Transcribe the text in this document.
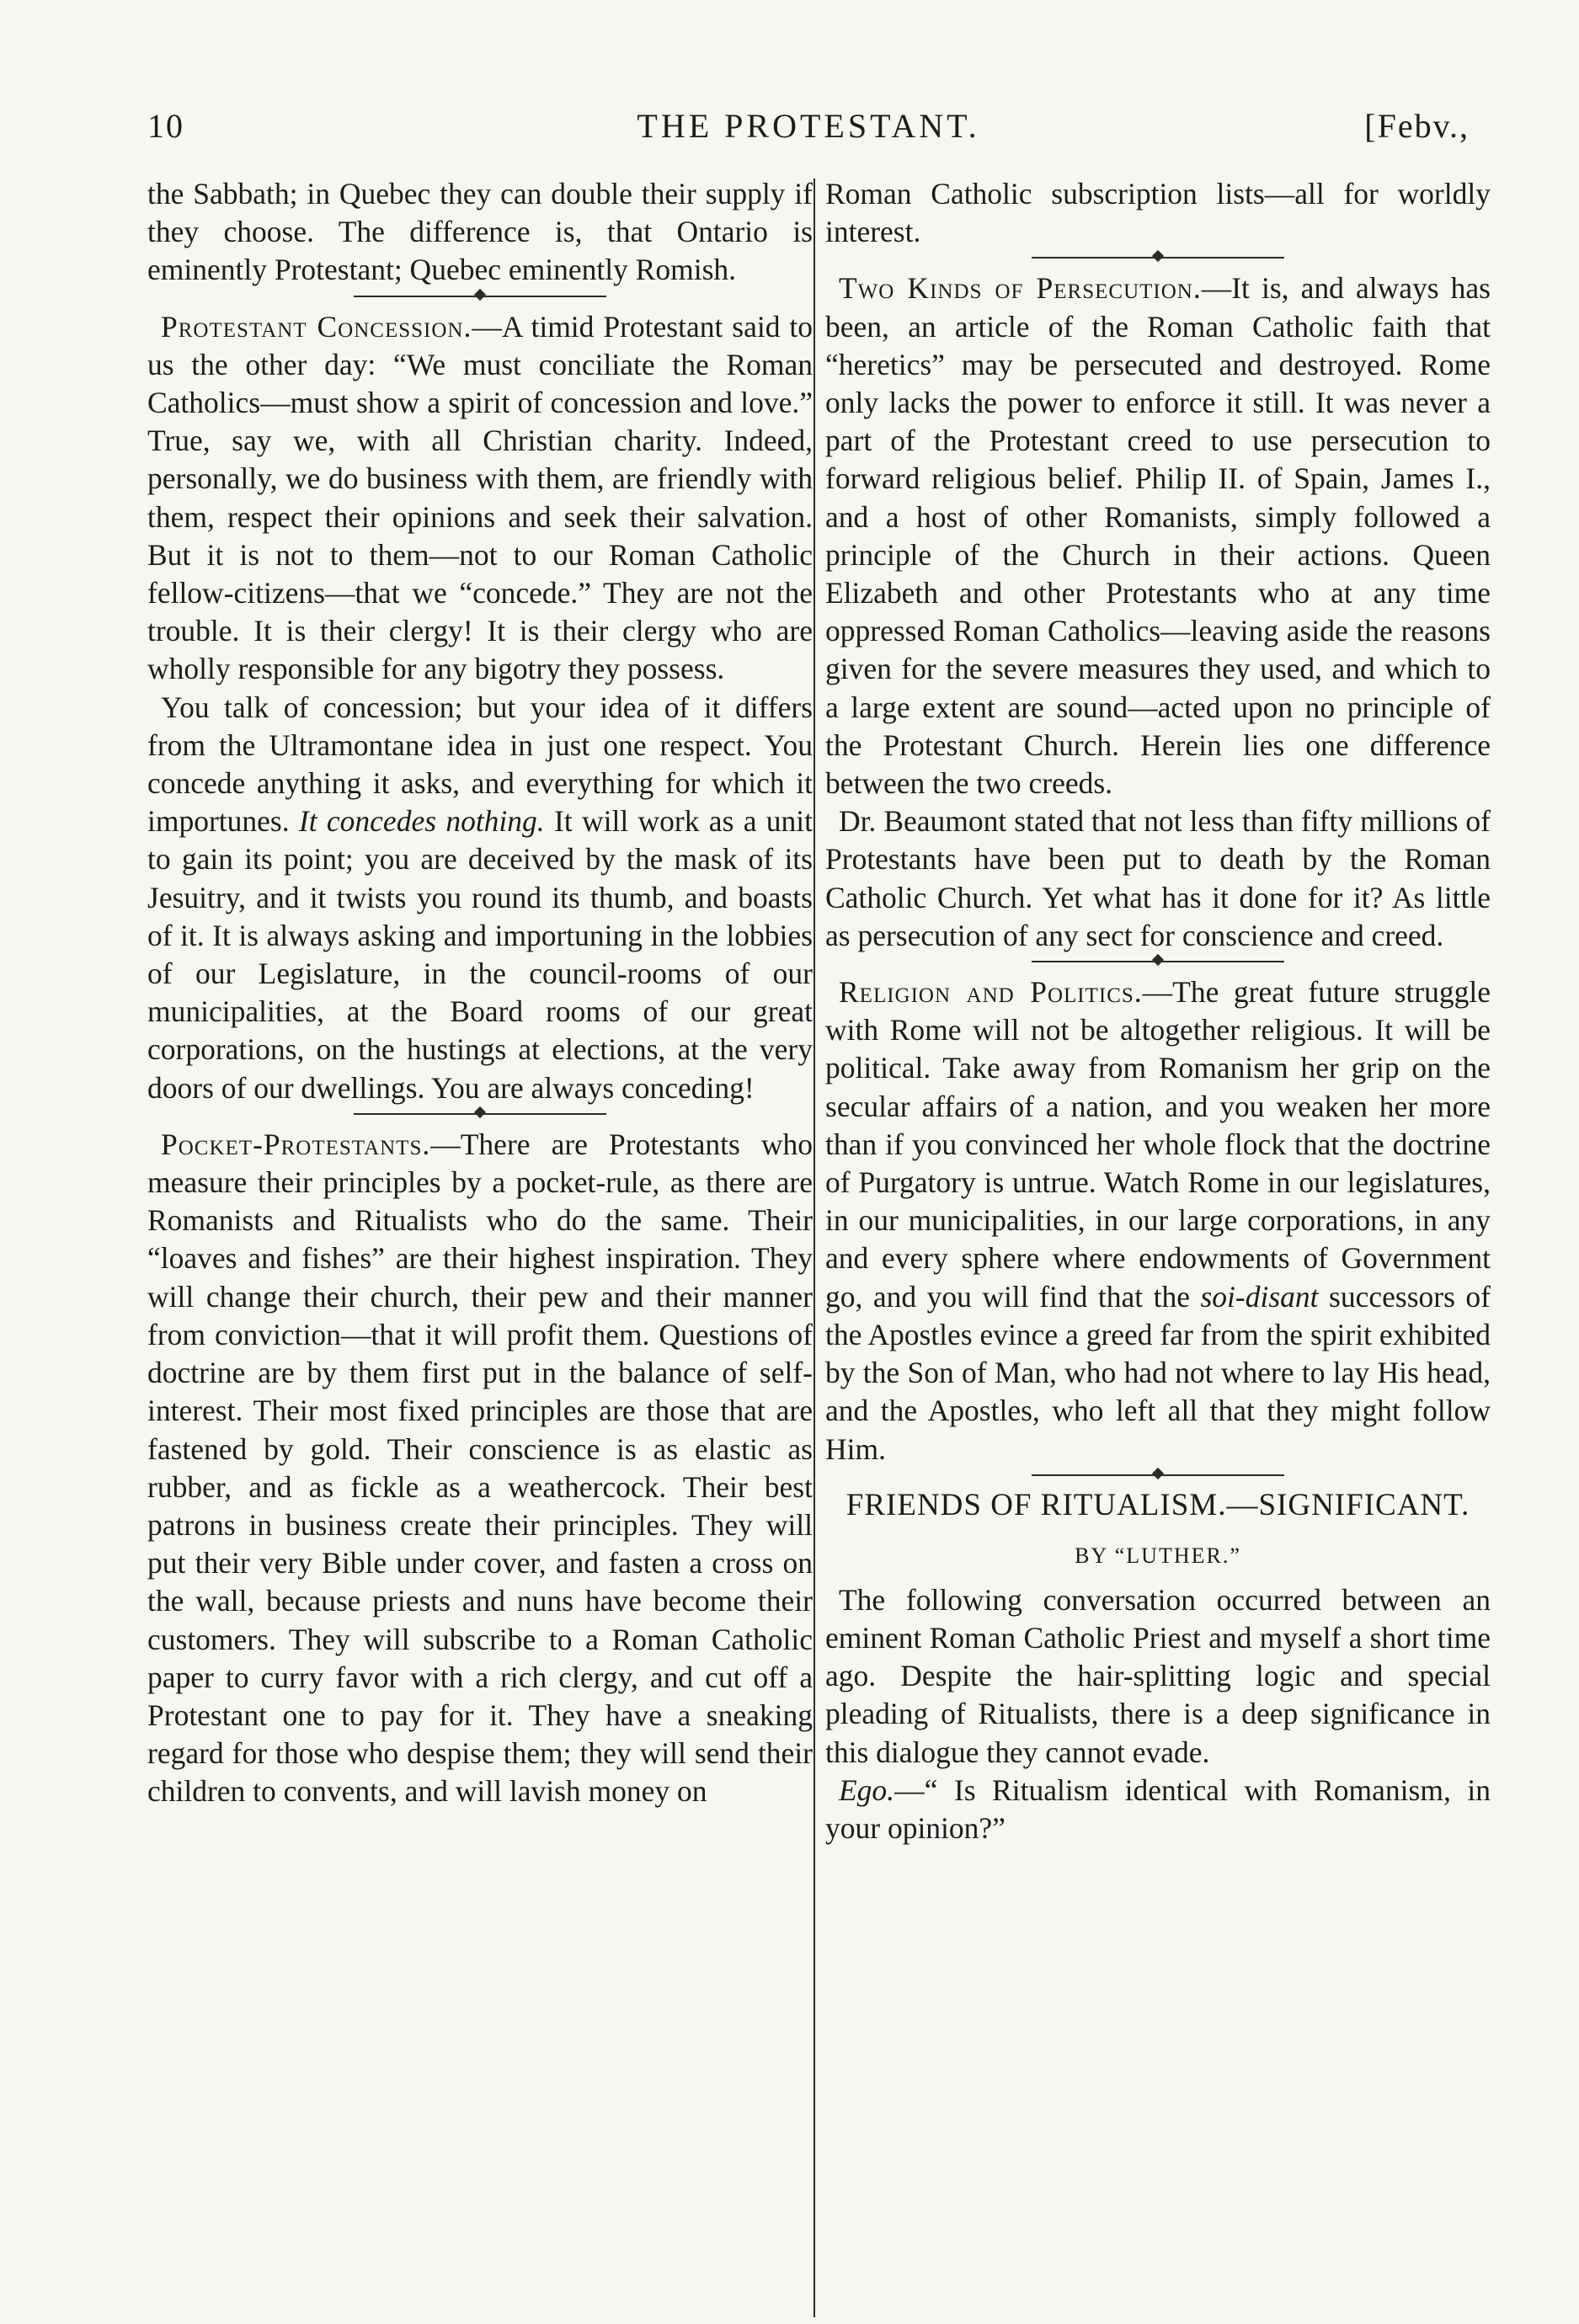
10	THE PROTESTANT.	[Febv.,

the Sabbath; in Quebec they can double their supply if they choose. The difference is, that Ontario is eminently Protestant; Quebec eminently Romish.

Protestant Concession.—A timid Protestant said to us the other day: “We must conciliate the Roman Catholics—must show a spirit of concession and love.” True, say we, with all Christian charity. Indeed, personally, we do business with them, are friendly with them, respect their opinions and seek their salvation. But it is not to them—not to our Roman Catholic fellow-citizens—that we “concede.” They are not the trouble. It is their clergy! It is their clergy who are wholly responsible for any bigotry they possess.

You talk of concession; but your idea of it differs from the Ultramontane idea in just one respect. You concede anything it asks, and everything for which it importunes. It concedes nothing. It will work as a unit to gain its point; you are deceived by the mask of its Jesuitry, and it twists you round its thumb, and boasts of it. It is always asking and importuning in the lobbies of our Legislature, in the council-rooms of our municipalities, at the Board rooms of our great corporations, on the hustings at elections, at the very doors of our dwellings. You are always conceding!

Pocket-Protestants.—There are Protestants who measure their principles by a pocket-rule, as there are Romanists and Ritualists who do the same. Their “loaves and fishes” are their highest inspiration. They will change their church, their pew and their manner from conviction—that it will profit them. Questions of doctrine are by them first put in the balance of self-interest. Their most fixed principles are those that are fastened by gold. Their conscience is as elastic as rubber, and as fickle as a weathercock. Their best patrons in business create their principles. They will put their very Bible under cover, and fasten a cross on the wall, because priests and nuns have become their customers. They will subscribe to a Roman Catholic paper to curry favor with a rich clergy, and cut off a Protestant one to pay for it. They have a sneaking regard for those who despise them; they will send their children to convents, and will lavish money on

Roman Catholic subscription lists—all for worldly interest.

Two Kinds of Persecution.—It is, and always has been, an article of the Roman Catholic faith that “heretics” may be persecuted and destroyed. Rome only lacks the power to enforce it still. It was never a part of the Protestant creed to use persecution to forward religious belief. Philip II. of Spain, James I., and a host of other Romanists, simply followed a principle of the Church in their actions. Queen Elizabeth and other Protestants who at any time oppressed Roman Catholics—leaving aside the reasons given for the severe measures they used, and which to a large extent are sound—acted upon no principle of the Protestant Church. Herein lies one difference between the two creeds.

Dr. Beaumont stated that not less than fifty millions of Protestants have been put to death by the Roman Catholic Church. Yet what has it done for it? As little as persecution of any sect for conscience and creed.

Religion and Politics.—The great future struggle with Rome will not be altogether religious. It will be political. Take away from Romanism her grip on the secular affairs of a nation, and you weaken her more than if you convinced her whole flock that the doctrine of Purgatory is untrue. Watch Rome in our legislatures, in our municipalities, in our large corporations, in any and every sphere where endowments of Government go, and you will find that the soi-disant successors of the Apostles evince a greed far from the spirit exhibited by the Son of Man, who had not where to lay His head, and the Apostles, who left all that they might follow Him.

FRIENDS OF RITUALISM.—SIGNIFICANT.
BY “LUTHER.”

The following conversation occurred between an eminent Roman Catholic Priest and myself a short time ago. Despite the hair-splitting logic and special pleading of Ritualists, there is a deep significance in this dialogue they cannot evade.

Ego.—“ Is Ritualism identical with Romanism, in your opinion?”
